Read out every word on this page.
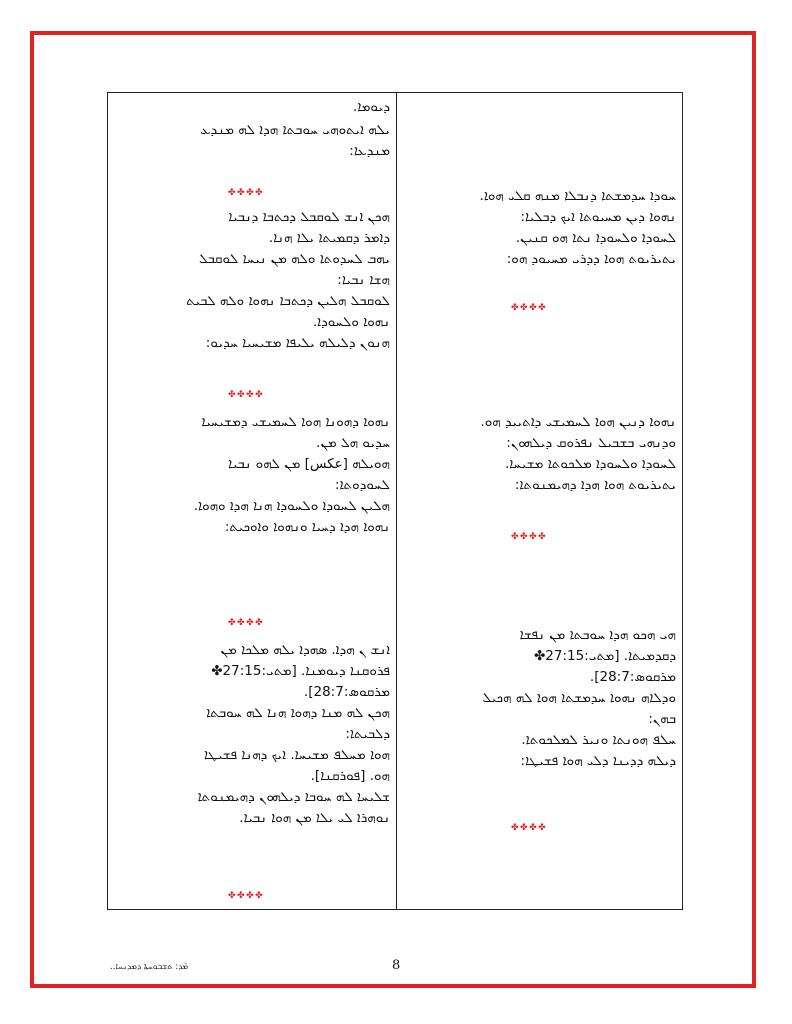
ܚܘܕܐ ܚܕܡܫܬܐ ܕܢܒܠܐ ܡܢܗ ܩܠܝ ܗܘܐ.
ܢܗܘܐ ܕܝܢ ܡܚܝܘܬܐ ܐܝܟ ܕܒܠܝܐ:
ܠܚܘܕܐ ܘܠܚܘܕܐ ܢܬܐ ܗܘ ܩܢܝܢ.
ܝܬܝܪܝܘܬ ܗܘܐ ܕܕܪܝ ܡܚܝܘܕ ܗܘ:
ܢܗܘܐ ܕܢܝܢ ܗܘܐ ܠܚܡܝܫܝ ܕܐܬܝܝܕ ܗܘ.
ܘܕܢܗܝ ܒܫܒܝܠ ܢܦܪܘܩ ܕܝܠܗܘܢ:
ܠܚܘܕܐ ܘܠܚܘܕܐ ܡܠܟܘܬܐ ܡܫܝܚܐ.
ܝܬܝܪܝܘܬ ܗܘܐ ܗܕܐ ܕܗܝܡܢܘܬܐ:
ܗܝ ܗܟܘ ܗܕܐ ܚܘܒܬܐ ܡܢ ܢܦܫܐ
ܕܩܕܡܝܬܐ. [ܡܬܝ:27:15✤
ܡܪܩܘܣ:28:7].
ܘܕܠܐܗ ܢܗܘܐ ܚܕܡܫܬܐ ܗܘܐ ܠܗ ܗܟܝܠ
ܒܗܢ:
ܚܠܦ ܗܘܢܬܐ ܘܢܝܪ ܠܡܠܟܘܬܐ.
ܕܝܠܗ ܕܕܝܢܐ ܕܠܝ ܗܘܐ ܦܫܝܛܐ:
ܕܝܘܡܐ.
ܝܠܗ ܐܝܬܘܗܝ ܚܘܒܬܐ ܗܕܐ ܠܗ ܡܢܕܥ
ܡܢܕܥܐ:
ܗܟܢ ܐܢܫ ܠܘܩܒܠ ܕܟܬܒܐ ܕܢܒܝܐ
ܕܐܡܪ ܕܩܡܝܬܐ ܝܠܐ ܗܢܐ.
ܝܗܒ ܠܚܕܘܬܐ ܘܠܗ ܡܢ ܢܝܚܐ ܠܘܩܒܠ
ܗܫܐ ܢܒܝܐ:
ܠܘܩܒܠ ܗܠܝܢ ܕܟܬܒܐ ܢܗܘܐ ܘܠܗ ܠܒܝܬ
ܢܗܘܐ ܘܠܚܘܕܐ.
ܗܢܘܢ ܕܠܝܠܗ ܝܠܝܦܐ ܡܫܝܚܝܐ ܚܕܝܘ:
ܢܗܘܐ ܕܗܘܢܐ ܗܘܐ ܠܚܡܝܫܝ ܕܡܫܝܚܝܐ
ܚܕܝܘ ܗܠ ܡܢ.
ܗܘܝܠܗ [عكس] ܡܢ ܠܗܘ ܢܒܝܐ
ܠܚܘܕܘܬܐ:
ܗܠܝܢ ܠܚܘܕܐ ܘܠܚܘܕܐ ܗܢܐ ܗܕܐ ܘܗܘܐ.
ܢܗܘܐ ܗܕܐ ܕܚܝܐ ܘܢܗܘܐ ܘܐܘܟܝܬ:
ܐܢܫ ܢ ܗܕܐ. ܣܗܕܐ ܝܠܗ ܡܠܟܐ ܡܢ
ܦܪܘܩܢܐ ܕܝܘܡܢܐ. [ܡܬܝ:27:15✤
ܡܪܩܘܣ:28:7].
ܗܟܢ ܠܗ ܡܢܐ ܕܗܘܐ ܗܢܐ ܠܗ ܚܘܒܬܐ
ܕܠܒܝܬܐ:
ܗܘܐ ܡܚܠܦ ܡܫܝܚܐ. ܐܝܟ ܕܗܢܐ ܦܫܝܛܐ
ܗܘ. [ܦܘܪܩܢܐ].
ܫܠܝܚܐ ܠܗ ܚܘܒܐ ܕܝܠܗܘܢ ܕܗܝܡܢܘܬܐ
ܢܘܗܪܐ ܠܝ ܝܠܐ ܡܢ ܗܘܐ ܢܒܝܐ.
8
ܡ̈ܕ: ܬܫܒܘܚܬܐ ܕܡܕܢܚܐ..
✤✤✤✤
✤✤✤✤
✤✤✤✤
✤✤✤✤
✤✤✤✤
✤✤✤✤
✤✤✤✤
